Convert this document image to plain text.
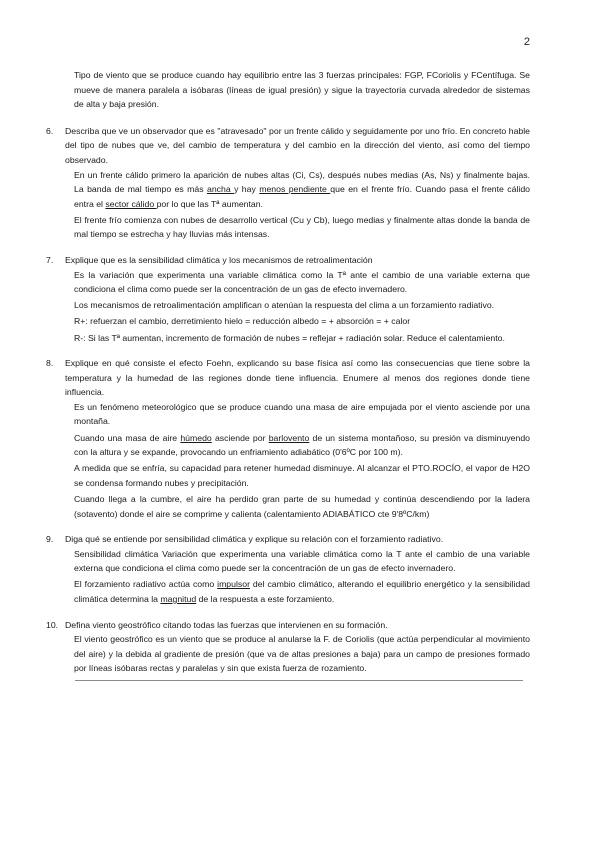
2

Tipo de viento que se produce cuando hay equilibrio entre las 3 fuerzas principales: FGP, FCoriolis y FCentífuga. Se mueve de manera paralela a isóbaras (líneas de igual presión) y sigue la trayectoria curvada alrededor de sistemas de alta y baja presión.

6.	Describa que ve un observador que es "atravesado" por un frente cálido y seguidamente por uno frío. En concreto hable del tipo de nubes que ve, del cambio de temperatura y del cambio en la dirección del viento, así como del tiempo observado.

En un frente cálido primero la aparición de nubes altas (Ci, Cs), después nubes medias (As, Ns) y finalmente bajas. La banda de mal tiempo es más ancha y hay menos pendiente que en el frente frío. Cuando pasa el frente cálido entra el sector cálido por lo que las Tª aumentan.

El frente frío comienza con nubes de desarrollo vertical (Cu y Cb), luego medias y finalmente altas donde la banda de mal tiempo se estrecha y hay lluvias más intensas.

7.	Explique que es la sensibilidad climática y los mecanismos de retroalimentación

Es la variación que experimenta una variable climática como la Tª ante el cambio de una variable externa que condiciona el clima como puede ser la concentración de un gas de efecto invernadero.

Los mecanismos de retroalimentación amplifican o atenúan la respuesta del clima a un forzamiento radiativo.

R+: refuerzan el cambio, derretimiento hielo = reducción albedo = + absorción = + calor

R-: Si las Tª aumentan, incremento de formación de nubes = reflejar + radiación solar. Reduce el calentamiento.

8.	Explique en qué consiste el efecto Foehn, explicando su base física así como las consecuencias que tiene sobre la temperatura y la humedad de las regiones donde tiene influencia. Enumere al menos dos regiones donde tiene influencia.

Es un fenómeno meteorológico que se produce cuando una masa de aire empujada por el viento asciende por una montaña.

Cuando una masa de aire húmedo asciende por barlovento de un sistema montañoso, su presión va disminuyendo con la altura y se expande, provocando un enfriamiento adiabático (0'6ºC por 100 m).

A medida que se enfría, su capacidad para retener humedad disminuye. Al alcanzar el PTO.ROCÍO, el vapor de H2O se condensa formando nubes y precipitación.

Cuando llega a la cumbre, el aire ha perdido gran parte de su humedad y continúa descendiendo por la ladera (sotavento) donde el aire se comprime y calienta (calentamiento ADIABÁTICO cte 9'8ºC/km)

9.	Diga qué se entiende por sensibilidad climática y explique su relación con el forzamiento radiativo.

Sensibilidad climática Variación que experimenta una variable climática como la T ante el cambio de una variable externa que condiciona el clima como puede ser la concentración de un gas de efecto invernadero.

El forzamiento radiativo actúa como impulsor del cambio climático, alterando el equilibrio energético y la sensibilidad climática determina la magnitud de la respuesta a este forzamiento.

10. Defina viento geostrófico citando todas las fuerzas que intervienen en su formación.

El viento geostrófico es un viento que se produce al anularse la F. de Coriolis (que actúa perpendicular al movimiento del aire) y la debida al gradiente de presión (que va de altas presiones a baja) para un campo de presiones formado por líneas isóbaras rectas y paralelas y sin que exista fuerza de rozamiento.
